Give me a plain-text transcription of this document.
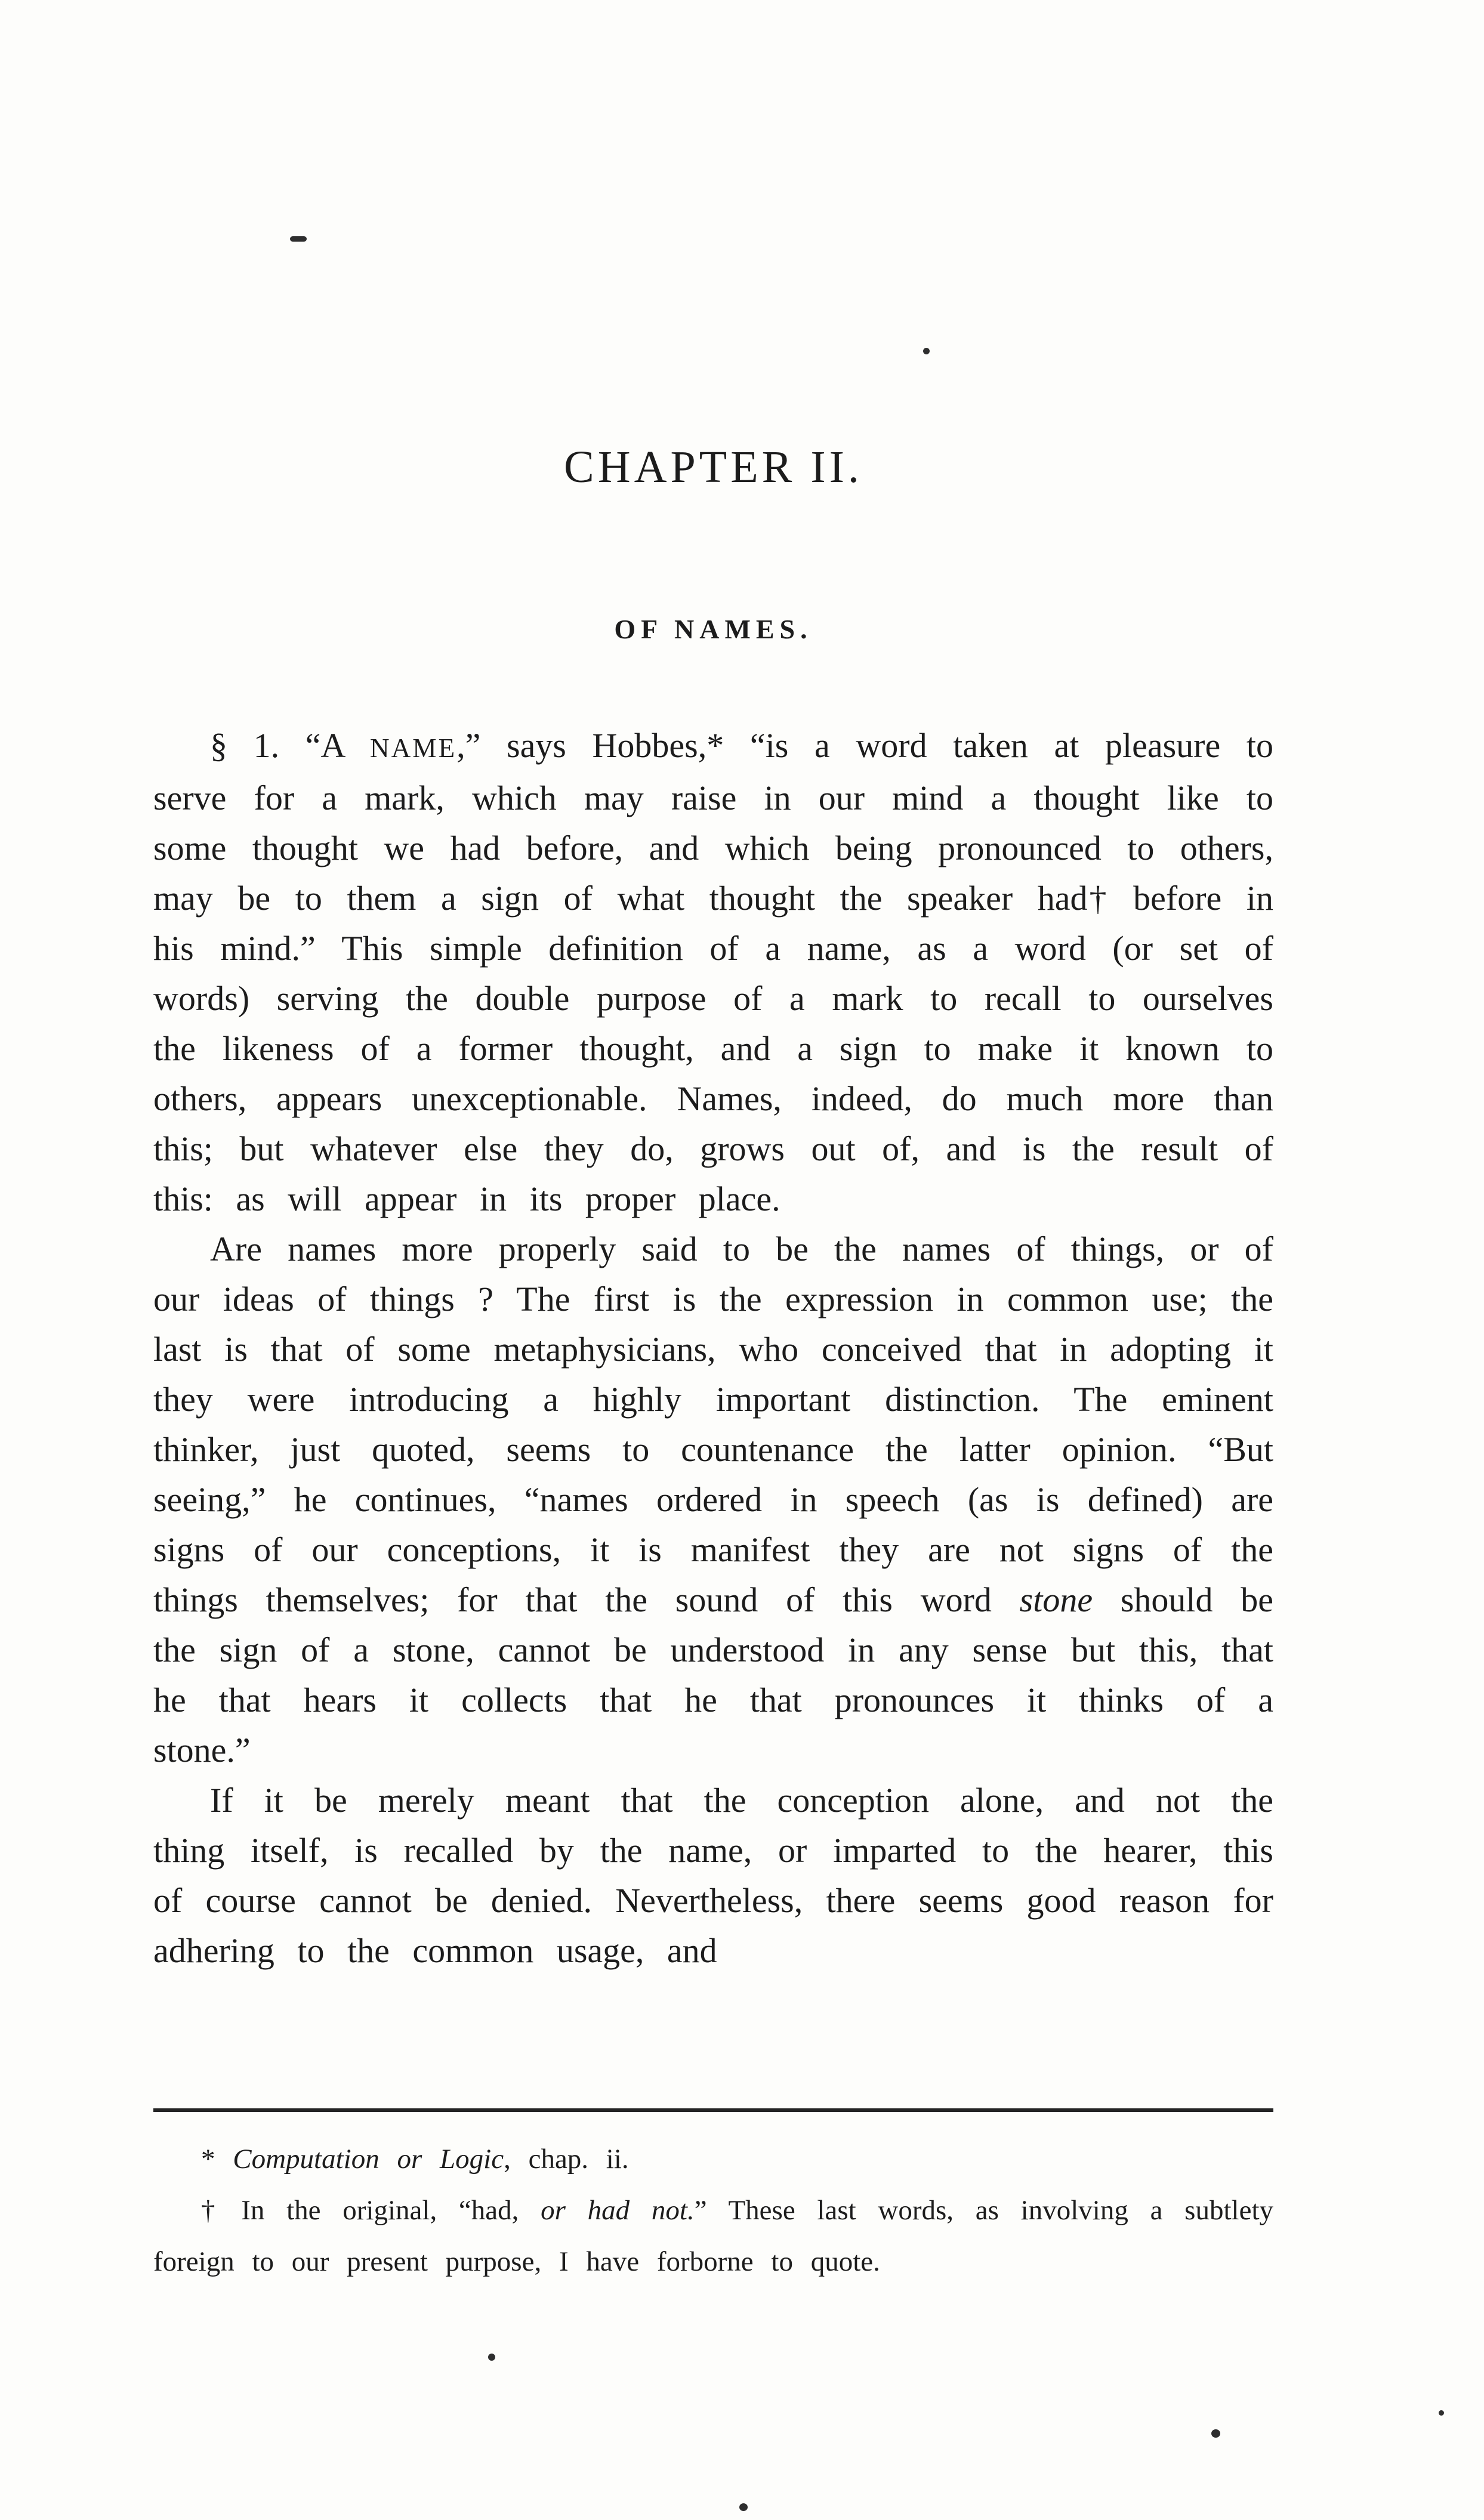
CHAPTER II.
OF NAMES.

§ 1. “A NAME,” says Hobbes,* “is a word taken at pleasure to serve for a mark, which may raise in our mind a thought like to some thought we had before, and which being pronounced to others, may be to them a sign of what thought the speaker had† before in his mind.” This simple definition of a name, as a word (or set of words) serving the double purpose of a mark to recall to ourselves the likeness of a former thought, and a sign to make it known to others, appears unexceptionable. Names, indeed, do much more than this; but whatever else they do, grows out of, and is the result of this: as will appear in its proper place.

Are names more properly said to be the names of things, or of our ideas of things ? The first is the expression in common use; the last is that of some metaphysicians, who conceived that in adopting it they were introducing a highly important distinction. The eminent thinker, just quoted, seems to countenance the latter opinion. “But seeing,” he continues, “names ordered in speech (as is defined) are signs of our conceptions, it is manifest they are not signs of the things themselves; for that the sound of this word stone should be the sign of a stone, cannot be understood in any sense but this, that he that hears it collects that he that pronounces it thinks of a stone.”

If it be merely meant that the conception alone, and not the thing itself, is recalled by the name, or imparted to the hearer, this of course cannot be denied. Nevertheless, there seems good reason for adhering to the common usage, and

* Computation or Logic, chap. ii.

† In the original, “had, or had not.” These last words, as involving a subtlety foreign to our present purpose, I have forborne to quote.
